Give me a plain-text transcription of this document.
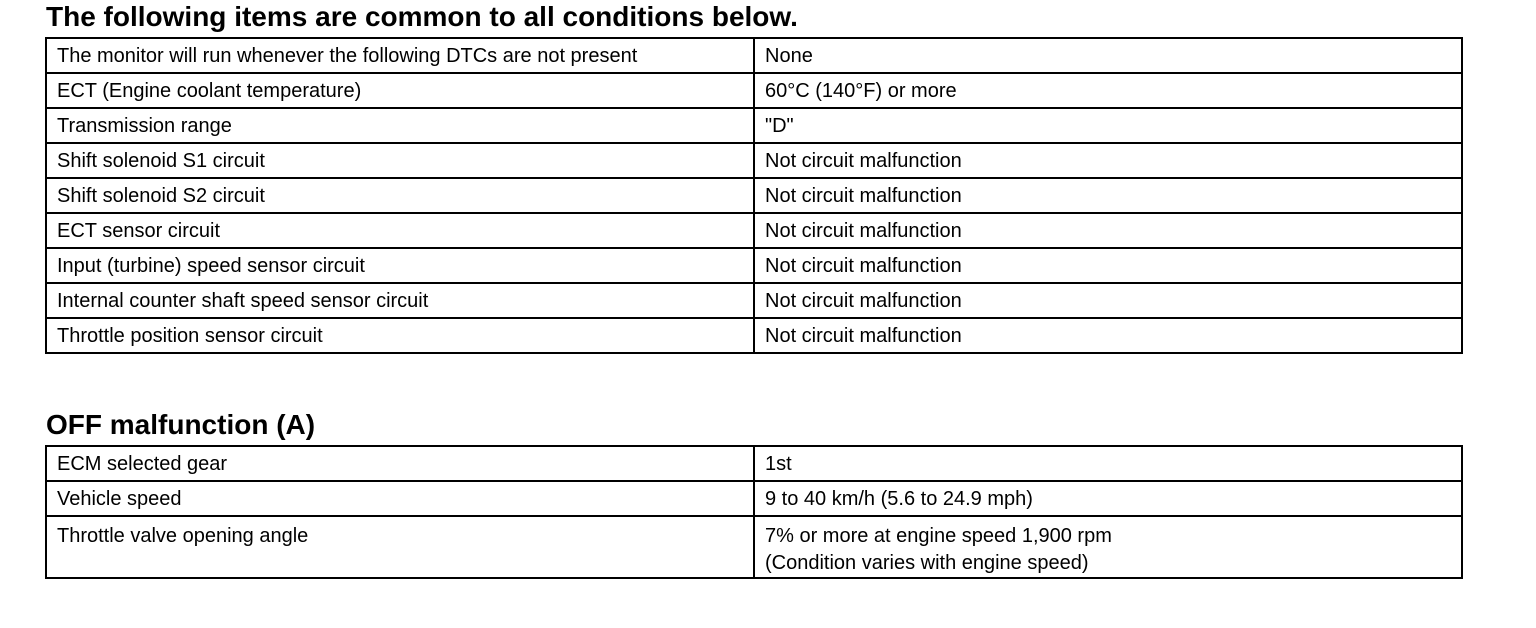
The following items are common to all conditions below.
The monitor will run whenever the following DTCs are not present	None

ECT (Engine coolant temperature)	60°C (140°F) or more

Transmission range	"D"

Shift solenoid S1 circuit	Not circuit malfunction

Shift solenoid S2 circuit	Not circuit malfunction

ECT sensor circuit	Not circuit malfunction

Input (turbine) speed sensor circuit	Not circuit malfunction

Internal counter shaft speed sensor circuit	Not circuit malfunction

Throttle position sensor circuit	Not circuit malfunction
OFF malfunction (A)
ECM selected gear	1st

Vehicle speed	9 to 40 km/h (5.6 to 24.9 mph)

Throttle valve opening angle	7% or more at engine speed 1,900 rpm
(Condition varies with engine speed)
